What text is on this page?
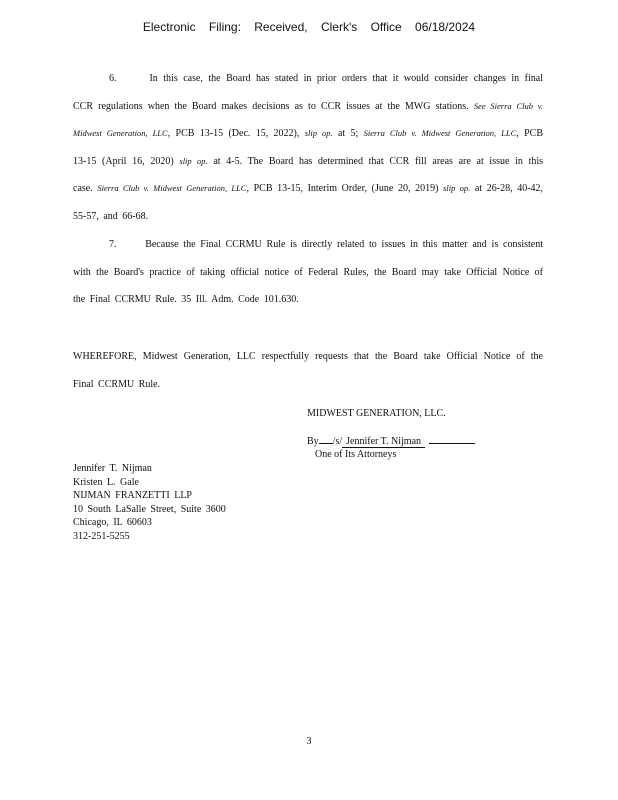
Electronic Filing: Received, Clerk's Office 06/18/2024

6.	In this case, the Board has stated in prior orders that it would consider changes in final CCR regulations when the Board makes decisions as to CCR issues at the MWG stations. See Sierra Club v. Midwest Generation, LLC, PCB 13-15 (Dec. 15, 2022), slip op. at 5; Sierra Club v. Midwest Generation, LLC, PCB 13-15 (April 16, 2020) slip op. at 4-5. The Board has determined that CCR fill areas are at issue in this case. Sierra Club v. Midwest Generation, LLC, PCB 13-15, Interim Order, (June 20, 2019) slip op. at 26-28, 40-42, 55-57, and 66-68.

7.	Because the Final CCRMU Rule is directly related to issues in this matter and is consistent with the Board's practice of taking official notice of Federal Rules, the Board may take Official Notice of the Final CCRMU Rule. 35 Ill. Adm. Code 101.630.

WHEREFORE, Midwest Generation, LLC respectfully requests that the Board take Official Notice of the Final CCRMU Rule.

MIDWEST GENERATION, LLC.
By /s/ Jennifer T. Nijman
One of Its Attorneys
Jennifer T. Nijman
Kristen L. Gale
NIJMAN FRANZETTI LLP
10 South LaSalle Street, Suite 3600
Chicago, IL 60603
312-251-5255
3
